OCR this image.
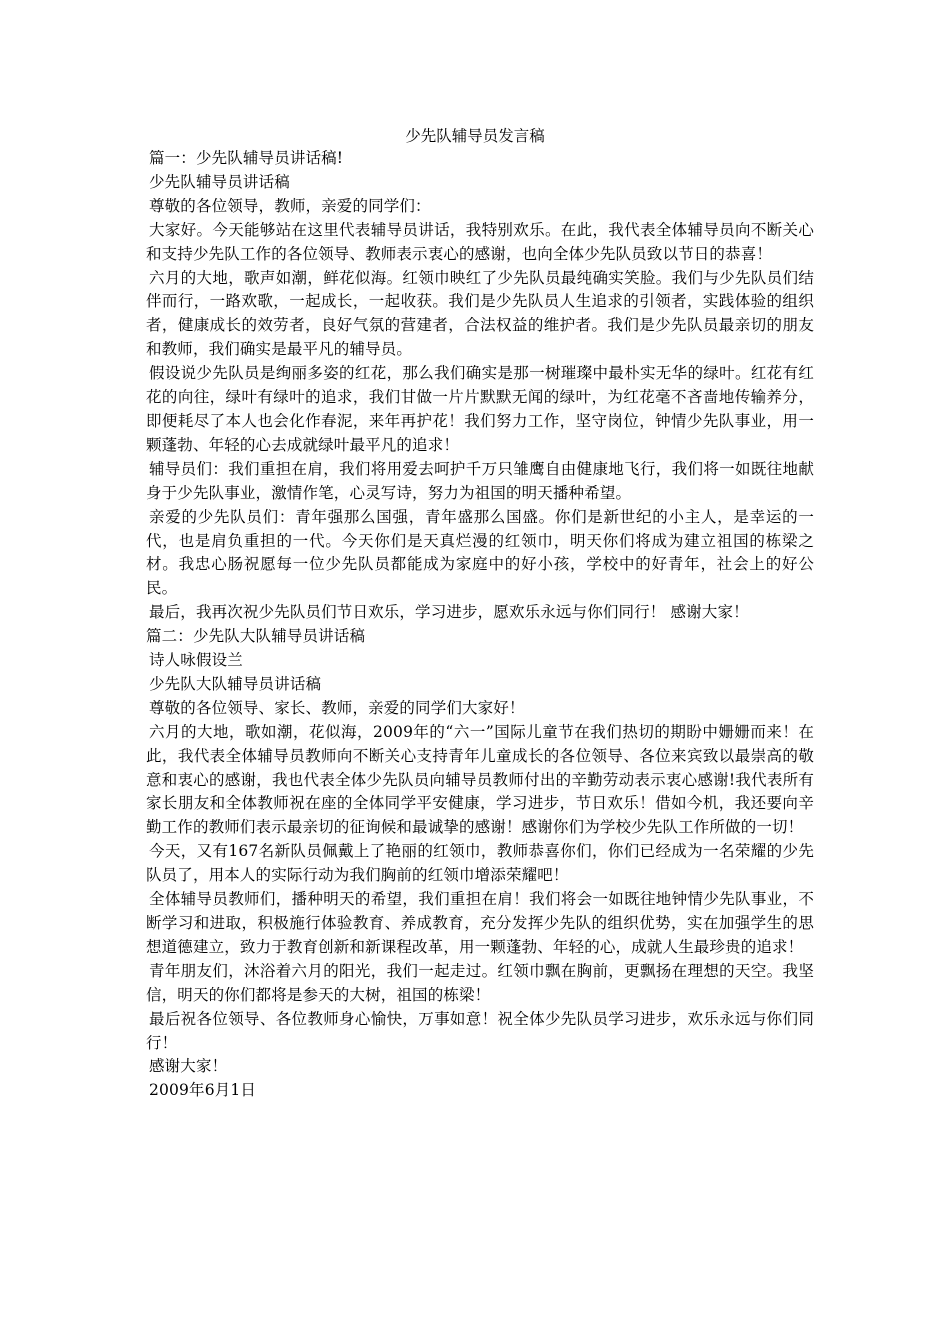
少先队辅导员发言稿

篇一：少先队辅导员讲话稿!

少先队辅导员讲话稿

尊敬的各位领导，教师，亲爱的同学们：

大家好。今天能够站在这里代表辅导员讲话，我特别欢乐。在此，我代表全体辅导员向不断关心和支持少先队工作的各位领导、教师表示衷心的感谢，也向全体少先队员致以节日的恭喜！

六月的大地，歌声如潮，鲜花似海。红领巾映红了少先队员最纯确实笑脸。我们与少先队员们结伴而行，一路欢歌，一起成长，一起收获。我们是少先队员人生追求的引领者，实践体验的组织者，健康成长的效劳者，良好气氛的营建者，合法权益的维护者。我们是少先队员最亲切的朋友和教师，我们确实是最平凡的辅导员。

假设说少先队员是绚丽多姿的红花，那么我们确实是那一树璀璨中最朴实无华的绿叶。红花有红花的向往，绿叶有绿叶的追求，我们甘做一片片默默无闻的绿叶，为红花毫不吝啬地传输养分，即便耗尽了本人也会化作春泥，来年再护花！我们努力工作，坚守岗位，钟情少先队事业，用一颗蓬勃、年轻的心去成就绿叶最平凡的追求！

辅导员们：我们重担在肩，我们将用爱去呵护千万只雏鹰自由健康地飞行，我们将一如既往地献身于少先队事业，激情作笔，心灵写诗，努力为祖国的明天播种希望。

亲爱的少先队员们：青年强那么国强，青年盛那么国盛。你们是新世纪的小主人，是幸运的一代，也是肩负重担的一代。今天你们是天真烂漫的红领巾，明天你们将成为建立祖国的栋梁之材。我忠心肠祝愿每一位少先队员都能成为家庭中的好小孩，学校中的好青年，社会上的好公民。

最后，我再次祝少先队员们节日欢乐，学习进步，愿欢乐永远与你们同行！ 感谢大家！

篇二：少先队大队辅导员讲话稿

诗人咏假设兰

少先队大队辅导员讲话稿

尊敬的各位领导、家长、教师，亲爱的同学们大家好！

六月的大地，歌如潮，花似海，2009年的“六一”国际儿童节在我们热切的期盼中姗姗而来！在此，我代表全体辅导员教师向不断关心支持青年儿童成长的各位领导、各位来宾致以最崇高的敬意和衷心的感谢，我也代表全体少先队员向辅导员教师付出的辛勤劳动表示衷心感谢!我代表所有家长朋友和全体教师祝在座的全体同学平安健康，学习进步，节日欢乐！借如今机，我还要向辛勤工作的教师们表示最亲切的征询候和最诚挚的感谢！感谢你们为学校少先队工作所做的一切！

今天，又有167名新队员佩戴上了艳丽的红领巾，教师恭喜你们，你们已经成为一名荣耀的少先队员了，用本人的实际行动为我们胸前的红领巾增添荣耀吧！

全体辅导员教师们，播种明天的希望，我们重担在肩！我们将会一如既往地钟情少先队事业，不断学习和进取，积极施行体验教育、养成教育，充分发挥少先队的组织优势，实在加强学生的思想道德建立，致力于教育创新和新课程改革，用一颗蓬勃、年轻的心，成就人生最珍贵的追求！

青年朋友们，沐浴着六月的阳光，我们一起走过。红领巾飘在胸前，更飘扬在理想的天空。我坚信，明天的你们都将是参天的大树，祖国的栋梁！

最后祝各位领导、各位教师身心愉快，万事如意！祝全体少先队员学习进步，欢乐永远与你们同行！

感谢大家！

2009年6月1日
